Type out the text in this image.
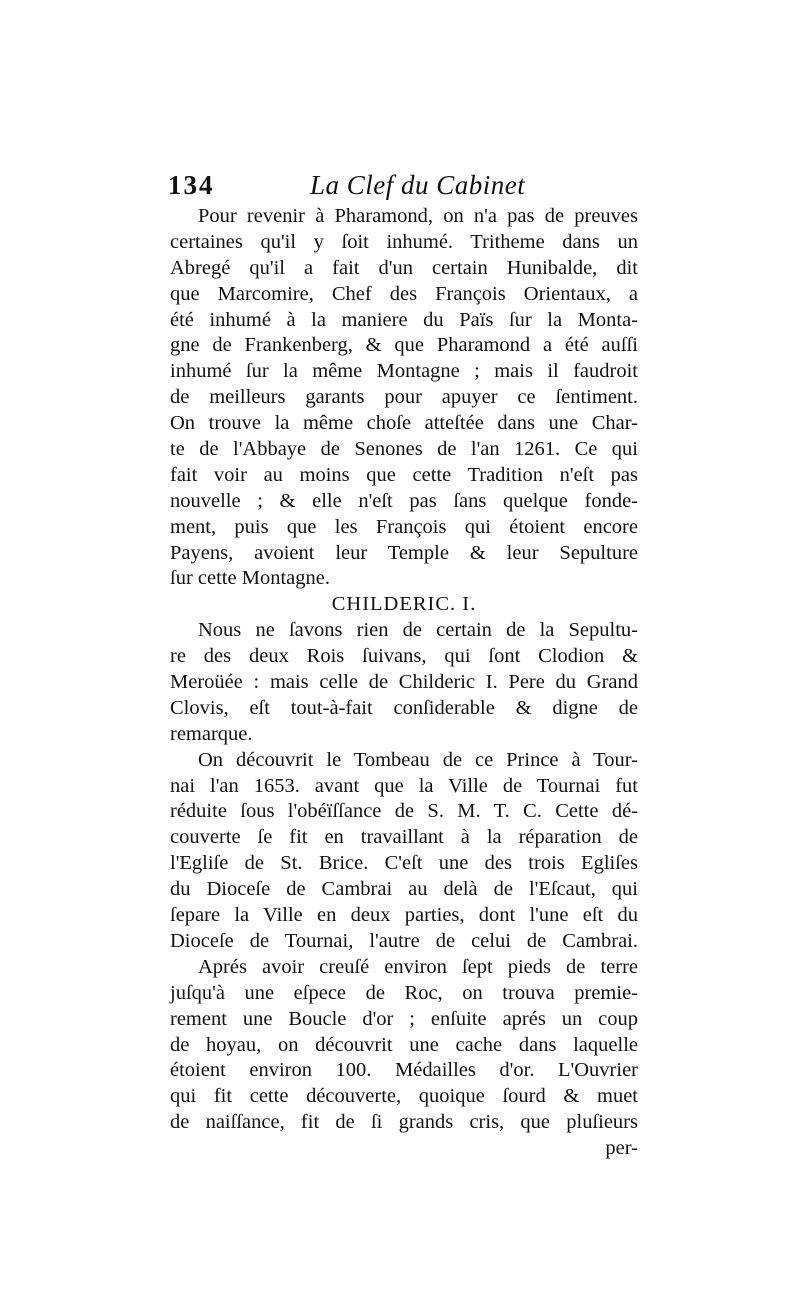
134	La Clef du Cabinet
Pour revenir à Pharamond, on n'a pas de preuves
certaines qu'il y ſoit inhumé. Tritheme dans un
Abregé qu'il a fait d'un certain Hunibalde, dit
que Marcomire, Chef des François Orientaux, a
été inhumé à la maniere du Païs ſur la Monta-
gne de Frankenberg, & que Pharamond a été auſſi
inhumé ſur la même Montagne ; mais il faudroit
de meilleurs garants pour apuyer ce ſentiment.
On trouve la même choſe atteſtée dans une Char-
te de l'Abbaye de Senones de l'an 1261. Ce qui
fait voir au moins que cette Tradition n'eſt pas
nouvelle ; & elle n'eſt pas ſans quelque fonde-
ment, puis que les François qui étoient encore
Payens, avoient leur Temple & leur Sepulture
ſur cette Montagne.
CHILDERIC. I.
Nous ne ſavons rien de certain de la Sepultu-
re des deux Rois ſuivans, qui ſont Clodion &
Meroüée : mais celle de Childeric I. Pere du Grand
Clovis, eſt tout-à-fait conſiderable & digne de
remarque.
On découvrit le Tombeau de ce Prince à Tour-
nai l'an 1653. avant que la Ville de Tournai fut
réduite ſous l'obéïſſance de S. M. T. C. Cette dé-
couverte ſe fit en travaillant à la réparation de
l'Egliſe de St. Brice. C'eſt une des trois Egliſes
du Dioceſe de Cambrai au delà de l'Eſcaut, qui
ſepare la Ville en deux parties, dont l'une eſt du
Dioceſe de Tournai, l'autre de celui de Cambrai.
Aprés avoir creuſé environ ſept pieds de terre
juſqu'à une eſpece de Roc, on trouva premie-
rement une Boucle d'or ; enſuite aprés un coup
de hoyau, on découvrit une cache dans laquelle
étoient environ 100. Médailles d'or. L'Ouvrier
qui fit cette découverte, quoique ſourd & muet
de naiſſance, fit de ſi grands cris, que pluſieurs
per-
